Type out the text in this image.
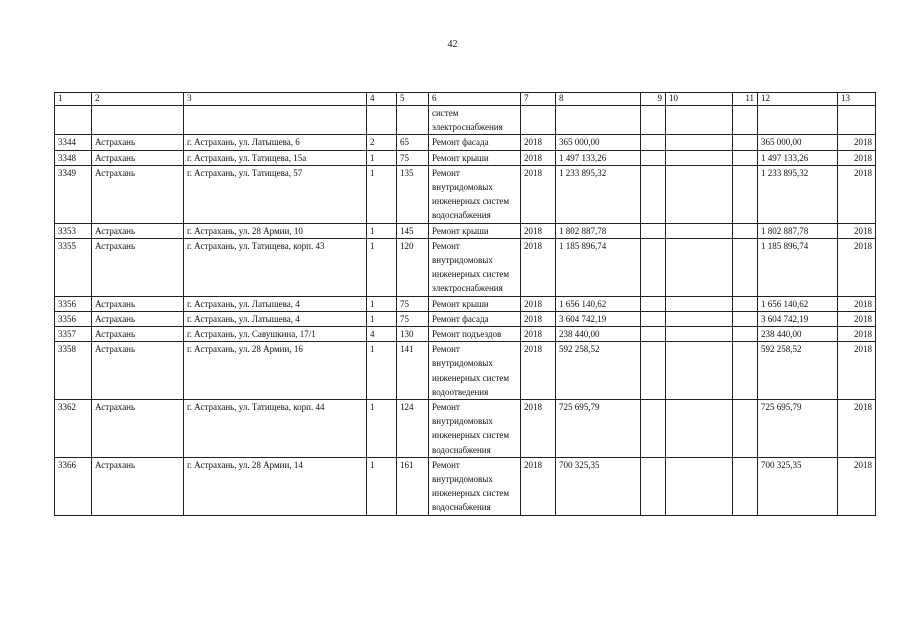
42
1	2	3	4	5	6	7	8	9	10	11	12	13
					систем электроснабжения							
3344	Астрахань	г. Астрахань, ул. Латышева, 6	2	65	Ремонт фасада	2018	365 000,00				365 000,00	2018
3348	Астрахань	г. Астрахань, ул. Татищева, 15а	1	75	Ремонт крыши	2018	1 497 133,26				1 497 133,26	2018
3349	Астрахань	г. Астрахань, ул. Татищева, 57	1	135	Ремонт внутридомовых инженерных систем водоснабжения	2018	1 233 895,32				1 233 895,32	2018
3353	Астрахань	г. Астрахань, ул. 28 Армии, 10	1	145	Ремонт крыши	2018	1 802 887,78				1 802 887,78	2018
3355	Астрахань	г. Астрахань, ул. Татищева, корп. 43	1	120	Ремонт внутридомовых инженерных систем электроснабжения	2018	1 185 896,74				1 185 896,74	2018
3356	Астрахань	г. Астрахань, ул. Латышева, 4	1	75	Ремонт крыши	2018	1 656 140,62				1 656 140,62	2018
3356	Астрахань	г. Астрахань, ул. Латышева, 4	1	75	Ремонт фасада	2018	3 604 742,19				3 604 742,19	2018
3357	Астрахань	г. Астрахань, ул. Савушкина, 17/1	4	130	Ремонт подъездов	2018	238 440,00				238 440,00	2018
3358	Астрахань	г. Астрахань, ул. 28 Армии, 16	1	141	Ремонт внутридомовых инженерных систем водоотведения	2018	592 258,52				592 258,52	2018
3362	Астрахань	г. Астрахань, ул. Татищева, корп. 44	1	124	Ремонт внутридомовых инженерных систем водоснабжения	2018	725 695,79				725 695,79	2018
3366	Астрахань	г. Астрахань, ул. 28 Армии, 14	1	161	Ремонт внутридомовых инженерных систем водоснабжения	2018	700 325,35				700 325,35	2018
